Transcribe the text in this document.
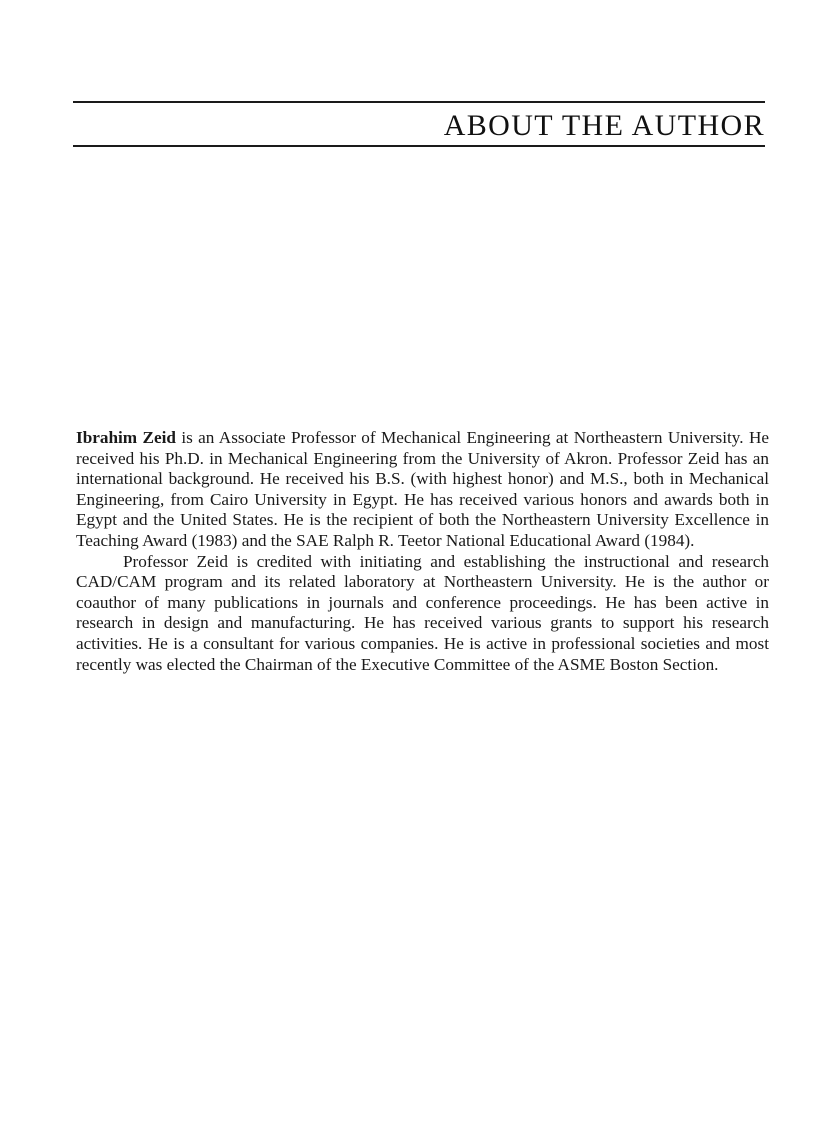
ABOUT THE AUTHOR

Ibrahim Zeid is an Associate Professor of Mechanical Engineering at Northeastern University. He received his Ph.D. in Mechanical Engineering from the University of Akron. Professor Zeid has an international background. He received his B.S. (with highest honor) and M.S., both in Mechanical Engineering, from Cairo University in Egypt. He has received various honors and awards both in Egypt and the United States. He is the recipient of both the Northeastern University Excellence in Teaching Award (1983) and the SAE Ralph R. Teetor National Educational Award (1984).

Professor Zeid is credited with initiating and establishing the instructional and research CAD/CAM program and its related laboratory at Northeastern University. He is the author or coauthor of many publications in journals and conference proceedings. He has been active in research in design and manufacturing. He has received various grants to support his research activities. He is a consultant for various companies. He is active in professional societies and most recently was elected the Chairman of the Executive Committee of the ASME Boston Section.
